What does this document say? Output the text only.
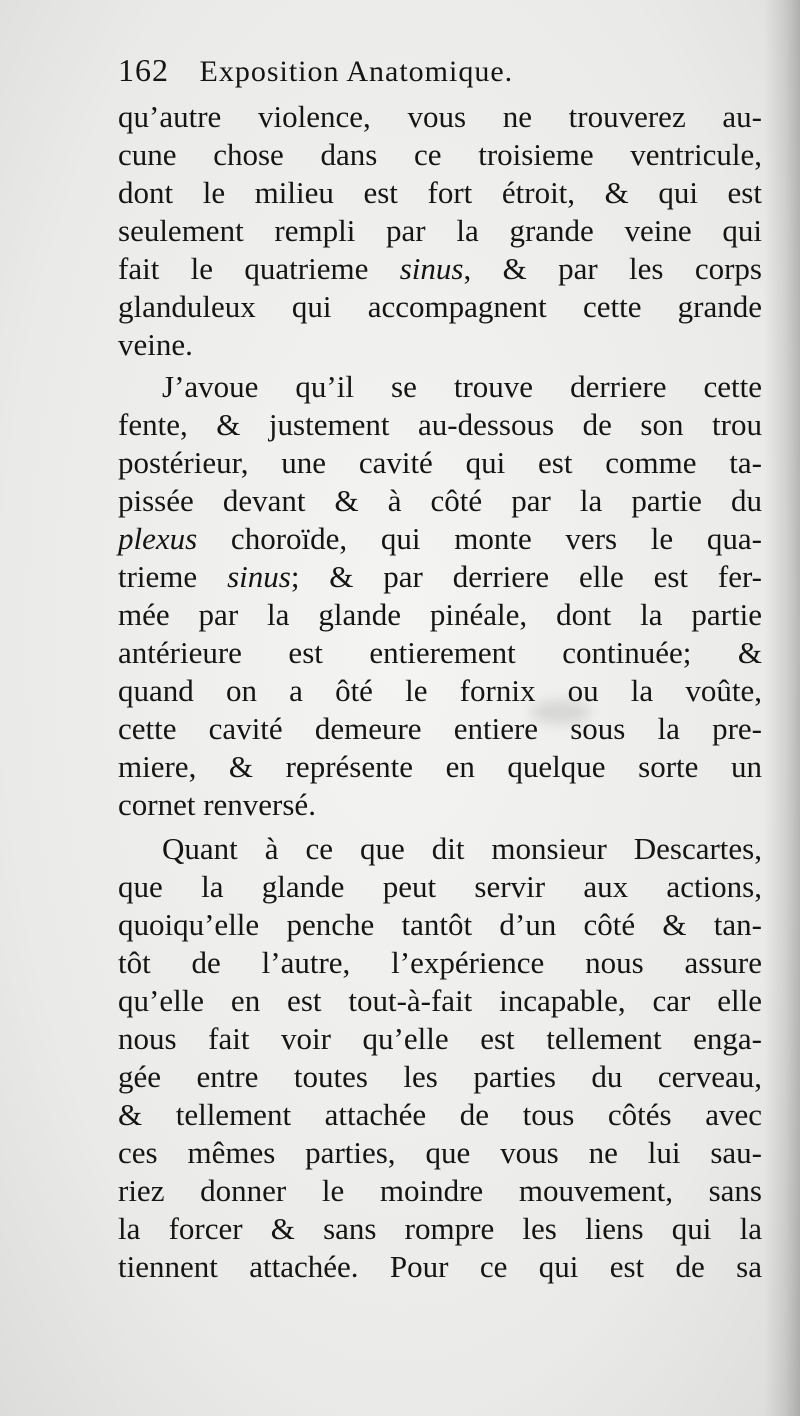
162 Exposition Anatomique.
qu’autre violence, vous ne trouverez au-
cune chose dans ce troisieme ventricule,
dont le milieu est fort étroit, & qui est
seulement rempli par la grande veine qui
fait le quatrieme sinus, & par les corps
glanduleux qui accompagnent cette grande
veine.
J’avoue qu’il se trouve derriere cette
fente, & justement au-dessous de son trou
postérieur, une cavité qui est comme ta-
pissée devant & à côté par la partie du
plexus choroïde, qui monte vers le qua-
trieme sinus; & par derriere elle est fer-
mée par la glande pinéale, dont la partie
antérieure est entierement continuée; &
quand on a ôté le fornix ou la voûte,
cette cavité demeure entiere sous la pre-
miere, & représente en quelque sorte un
cornet renversé.
Quant à ce que dit monsieur Descartes,
que la glande peut servir aux actions,
quoiqu’elle penche tantôt d’un côté & tan-
tôt de l’autre, l’expérience nous assure
qu’elle en est tout-à-fait incapable, car elle
nous fait voir qu’elle est tellement enga-
gée entre toutes les parties du cerveau,
& tellement attachée de tous côtés avec
ces mêmes parties, que vous ne lui sau-
riez donner le moindre mouvement, sans
la forcer & sans rompre les liens qui la
tiennent attachée. Pour ce qui est de sa
